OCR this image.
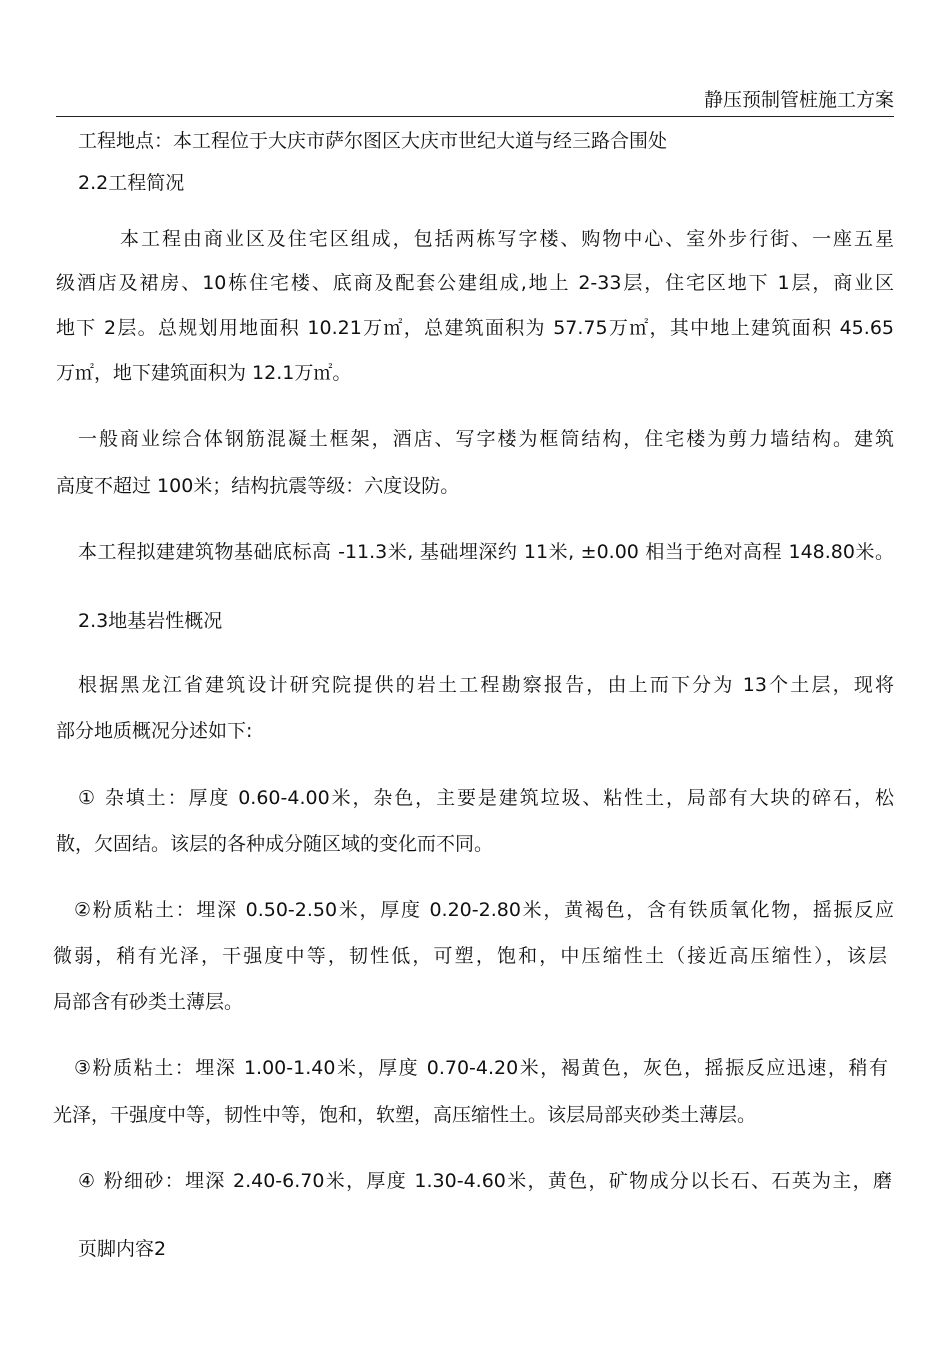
静压预制管桩施工方案
工程地点：本工程位于大庆市萨尔图区大庆市世纪大道与经三路合围处
2.2工程简况
本工程由商业区及住宅区组成，包括两栋写字楼、购物中心、室外步行街、一座五星
级酒店及裙房、10栋住宅楼、底商及配套公建组成,地上 2-33层，住宅区地下 1层，商业区
地下 2层。总规划用地面积 10.21万㎡，总建筑面积为 57.75万㎡，其中地上建筑面积 45.65
万㎡，地下建筑面积为 12.1万㎡。
一般商业综合体钢筋混凝土框架，酒店、写字楼为框筒结构，住宅楼为剪力墙结构。建筑
高度不超过 100米；结构抗震等级：六度设防。
本工程拟建建筑物基础底标高 -11.3米, 基础埋深约 11米, ±0.00 相当于绝对高程 148.80米。
2.3地基岩性概况
根据黑龙江省建筑设计研究院提供的岩土工程勘察报告，由上而下分为 13个土层，现将
部分地质概况分述如下:
① 杂填土：厚度 0.60-4.00米，杂色，主要是建筑垃圾、粘性土，局部有大块的碎石，松
散，欠固结。该层的各种成分随区域的变化而不同。
②粉质粘土：埋深 0.50-2.50米，厚度 0.20-2.80米，黄褐色，含有铁质氧化物，摇振反应
微弱，稍有光泽，干强度中等，韧性低，可塑，饱和，中压缩性土（接近高压缩性），该层
局部含有砂类土薄层。
③粉质粘土：埋深 1.00-1.40米，厚度 0.70-4.20米，褐黄色，灰色，摇振反应迅速，稍有
光泽，干强度中等，韧性中等，饱和，软塑，高压缩性土。该层局部夹砂类土薄层。
④ 粉细砂：埋深 2.40-6.70米，厚度 1.30-4.60米，黄色，矿物成分以长石、石英为主，磨
页脚内容2
